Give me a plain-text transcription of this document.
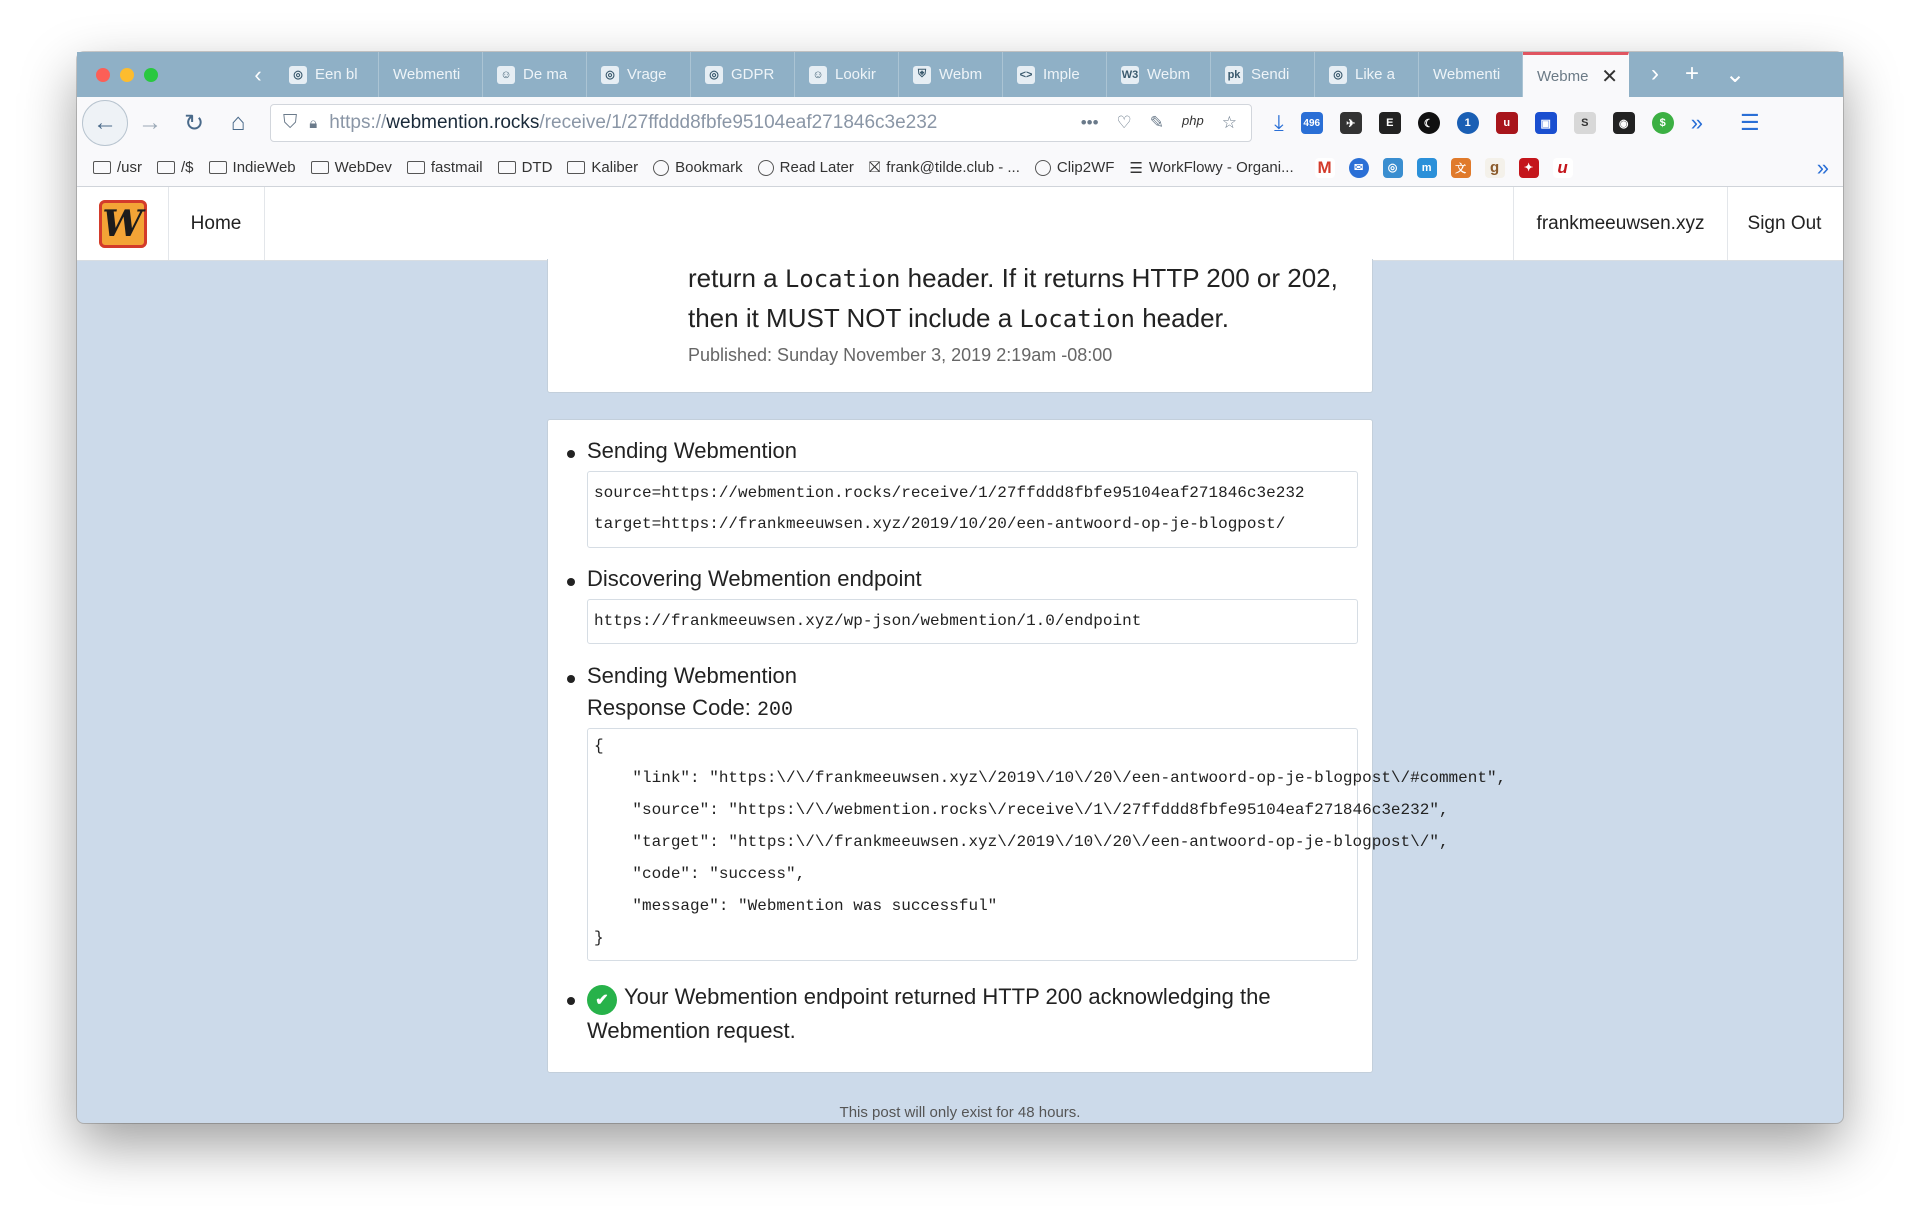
‹	◎ Een bl Webmenti	☺ De ma	◎ Vrage	◎ GDPR	☺ Lookir	⛨ Webm	<> Imple	W3 Webm	pk Sendi	◎ Like a	Webmenti Webme ✕ › + ⌄
← → ↻	⌂	⛉ 🔒︎ https:// webmention.rocks /receive/1/27ffddd8fbfe95104eaf271846c3e232	••• ♡ ✎ php ☆ ⤓ 496	✈	E	☾	1	u	▣	S	◉	$	» ☰
/usr	/$	IndieWeb	WebDev	fastmail	DTD	Kaliber Bookmark Read Later ⛝ frank@tilde.club - ... Clip2WF ☰ WorkFlowy - Organi... M	✉	◎	m	文	g	✦	u	»
W	Home	frankmeeuwsen.xyz	Sign Out
return a Location header. If it returns HTTP 200 or 202,
then it MUST NOT include a Location header.
Published: Sunday November 3, 2019 2:19am -08:00
Sending Webmention

source=https://webmention.rocks/receive/1/27ffddd8fbfe95104eaf271846c3e232

target=https://frankmeeuwsen.xyz/2019/10/20/een-antwoord-op-je-blogpost/

Discovering Webmention endpoint

https://frankmeeuwsen.xyz/wp-json/webmention/1.0/endpoint

Sending Webmention
Response Code: 200
{
"link": "https:\/\/frankmeeuwsen.xyz\/2019\/10\/20\/een-antwoord-op-je-blogpost\/#comment",
"source": "https:\/\/webmention.rocks\/receive\/1\/27ffddd8fbfe95104eaf271846c3e232",
"target": "https:\/\/frankmeeuwsen.xyz\/2019\/10\/20\/een-antwoord-op-je-blogpost\/",
"code": "success",
"message": "Webmention was successful"
}
✔ Your Webmention endpoint returned HTTP 200 acknowledging the
Webmention request.
This post will only exist for 48 hours.
